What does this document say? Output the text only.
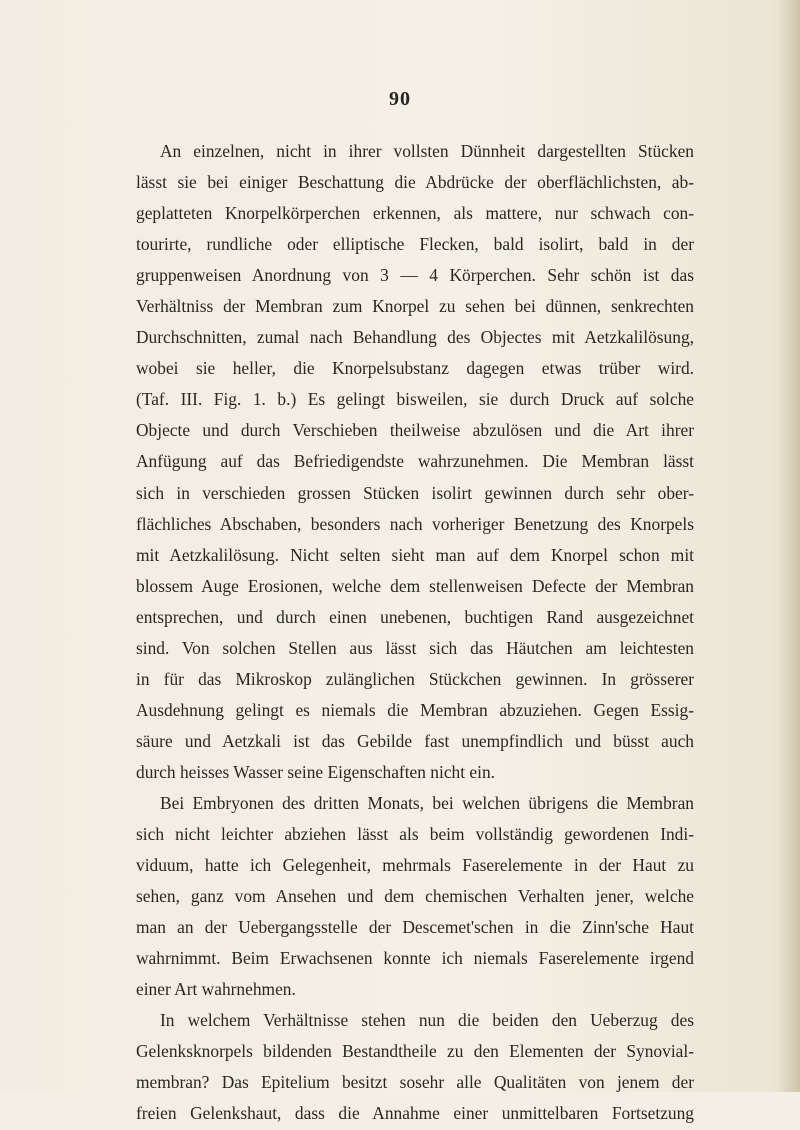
90

An einzelnen, nicht in ihrer vollsten Dünnheit dargestellten Stücken
lässt sie bei einiger Beschattung die Abdrücke der oberflächlichsten, ab-
geplatteten Knorpelkörperchen erkennen, als mattere, nur schwach con-
tourirte, rundliche oder elliptische Flecken, bald isolirt, bald in der
gruppenweisen Anordnung von 3 — 4 Körperchen. Sehr schön ist das
Verhältniss der Membran zum Knorpel zu sehen bei dünnen, senkrechten
Durchschnitten, zumal nach Behandlung des Objectes mit Aetzkalilösung,
wobei sie heller, die Knorpelsubstanz dagegen etwas trüber wird.
(Taf. III. Fig. 1. b.) Es gelingt bisweilen, sie durch Druck auf solche
Objecte und durch Verschieben theilweise abzulösen und die Art ihrer
Anfügung auf das Befriedigendste wahrzunehmen. Die Membran lässt
sich in verschieden grossen Stücken isolirt gewinnen durch sehr ober-
flächliches Abschaben, besonders nach vorheriger Benetzung des Knorpels
mit Aetzkalilösung. Nicht selten sieht man auf dem Knorpel schon mit
blossem Auge Erosionen, welche dem stellenweisen Defecte der Membran
entsprechen, und durch einen unebenen, buchtigen Rand ausgezeichnet
sind. Von solchen Stellen aus lässt sich das Häutchen am leichtesten
in für das Mikroskop zulänglichen Stückchen gewinnen. In grösserer
Ausdehnung gelingt es niemals die Membran abzuziehen. Gegen Essig-
säure und Aetzkali ist das Gebilde fast unempfindlich und büsst auch
durch heisses Wasser seine Eigenschaften nicht ein.

Bei Embryonen des dritten Monats, bei welchen übrigens die Membran
sich nicht leichter abziehen lässt als beim vollständig gewordenen Indi-
viduum, hatte ich Gelegenheit, mehrmals Faserelemente in der Haut zu
sehen, ganz vom Ansehen und dem chemischen Verhalten jener, welche
man an der Uebergangsstelle der Descemet'schen in die Zinn'sche Haut
wahrnimmt. Beim Erwachsenen konnte ich niemals Faserelemente irgend
einer Art wahrnehmen.

In welchem Verhältnisse stehen nun die beiden den Ueberzug des
Gelenksknorpels bildenden Bestandtheile zu den Elementen der Synovial-
membran? Das Epitelium besitzt sosehr alle Qualitäten von jenem der
freien Gelenkshaut, dass die Annahme einer unmittelbaren Fortsetzung
